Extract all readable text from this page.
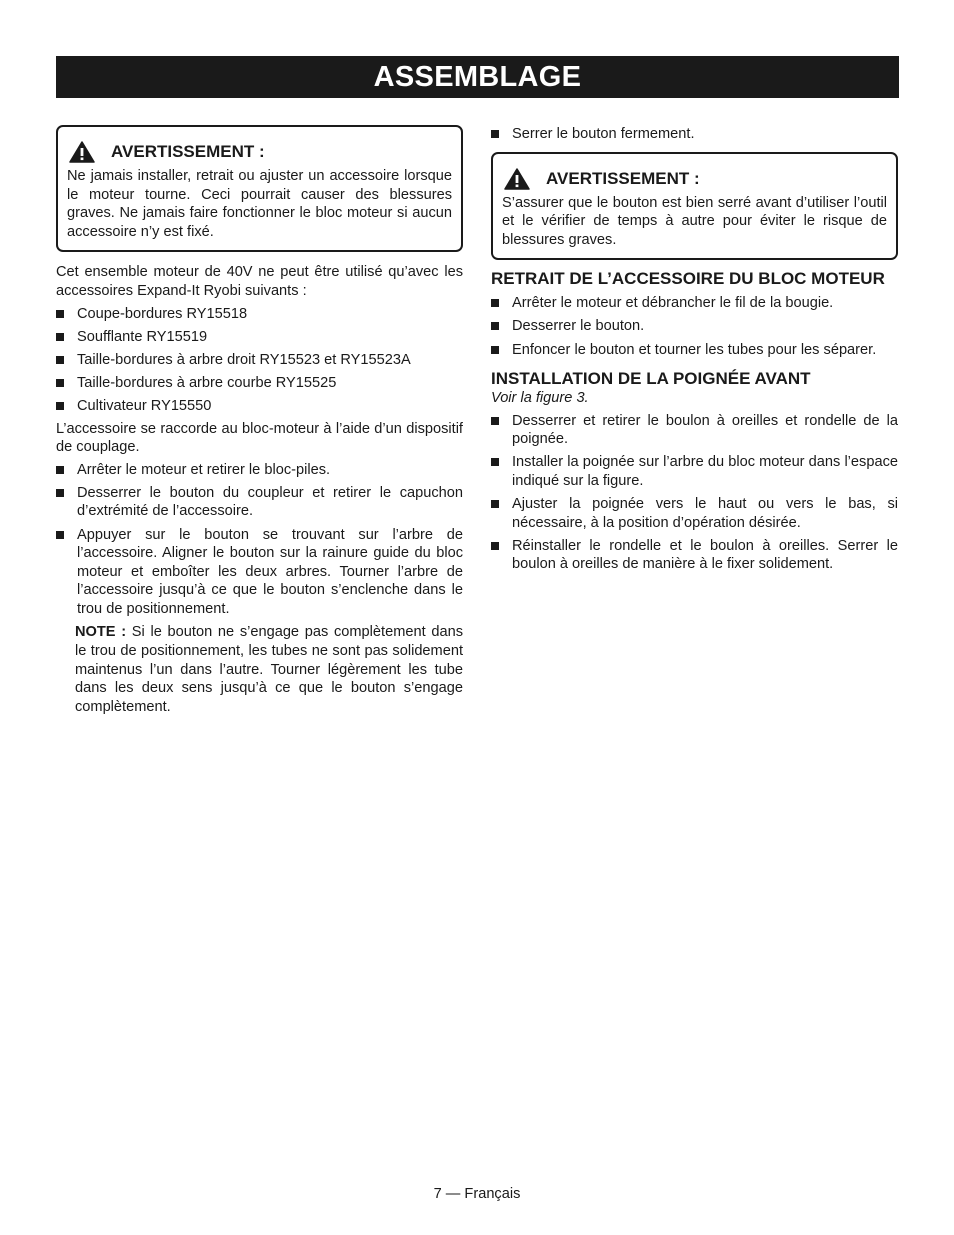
ASSEMBLAGE
AVERTISSEMENT :
Ne jamais installer, retrait ou ajuster un accessoire lorsque le moteur tourne. Ceci pourrait causer des blessures graves. Ne jamais faire fonctionner le bloc moteur si aucun accessoire n’y est fixé.

Cet ensemble moteur de 40V ne peut être utilisé qu’avec les accessoires Expand-It Ryobi suivants :

Coupe-bordures RY15518
Soufflante RY15519
Taille-bordures à arbre droit RY15523 et RY15523A
Taille-bordures à arbre courbe RY15525
Cultivateur RY15550

L’accessoire se raccorde au bloc-moteur à l’aide d’un dispositif de couplage.

Arrêter le moteur et retirer le bloc-piles.
Desserrer le bouton du coupleur et retirer le capuchon d’extrémité de l’accessoire.
Appuyer sur le bouton se trouvant sur l’arbre de l’accessoire. Aligner le bouton sur la rainure guide du bloc moteur et emboîter les deux arbres. Tourner l’arbre de l’accessoire jusqu’à ce que le bouton s’enclenche dans le trou de positionnement.

NOTE : Si le bouton ne s’engage pas complètement dans le trou de positionnement, les tubes ne sont pas solidement maintenus l’un dans l’autre. Tourner légèrement les tube dans les deux sens jusqu’à ce que le bouton s’engage complètement.

Serrer le bouton fermement.
AVERTISSEMENT :
S’assurer que le bouton est bien serré avant d’utiliser l’outil et le vérifier de temps à autre pour éviter le risque de blessures graves.
RETRAIT DE L’ACCESSOIRE DU BLOC MOTEUR
Arrêter le moteur et débrancher le fil de la bougie.
Desserrer le bouton.
Enfoncer le bouton et tourner les tubes pour les séparer.
INSTALLATION DE LA POIGNÉE AVANT
Voir la figure 3.
Desserrer et retirer le boulon à oreilles et rondelle de la poignée.
Installer la poignée sur l’arbre du bloc moteur dans l’espace indiqué sur la figure.
Ajuster la poignée vers le haut ou vers le bas, si nécessaire, à la position d’opération désirée.
Réinstaller le rondelle et le boulon à oreilles. Serrer le boulon à oreilles de manière à le fixer solidement.
7 — Français
